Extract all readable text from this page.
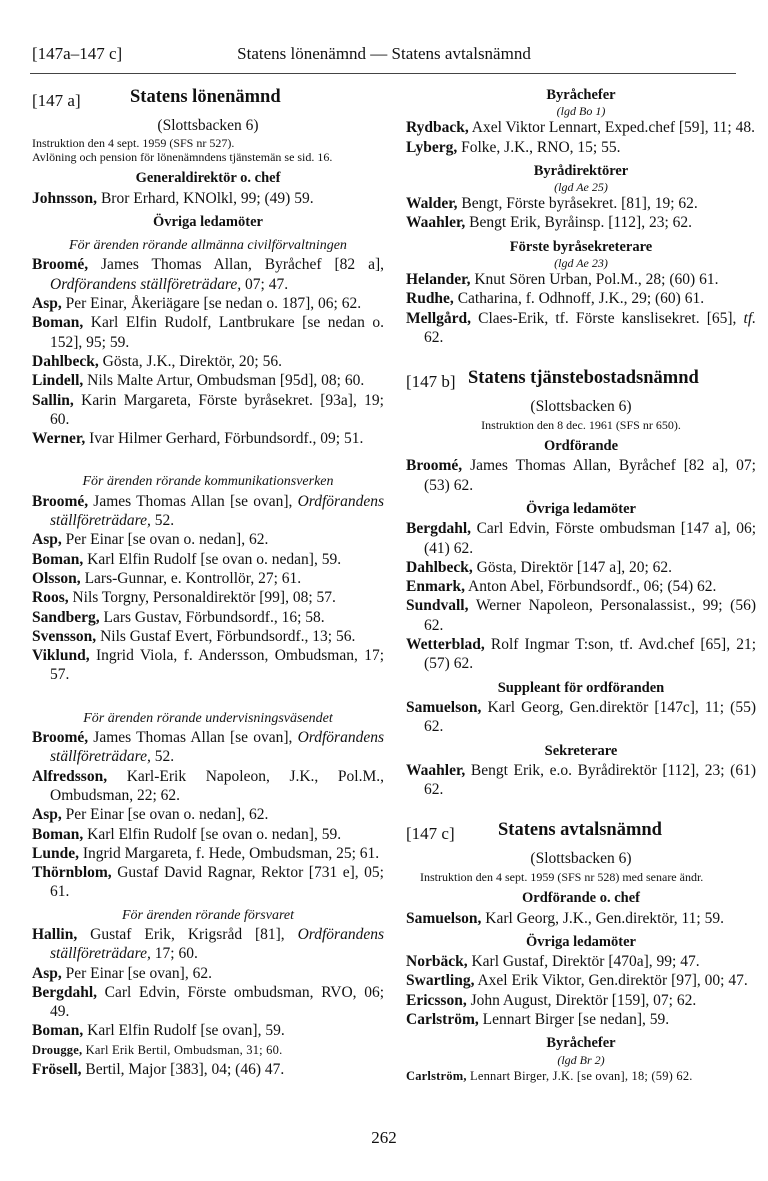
[147a–147 c]	Statens lönenämnd — Statens avtalsnämnd
[147 a]	Statens lönenämnd
(Slottsbacken 6)
Instruktion den 4 sept. 1959 (SFS nr 527).
Avlöning och pension för lönenämndens tjänstemän se sid. 16.
Generaldirektör o. chef

Johnsson, Bror Erhard, KNOlkl, 99; (49) 59.

Övriga ledamöter
För ärenden rörande allmänna civilförvaltningen

Broomé, James Thomas Allan, Byråchef [82 a], Ordförandens ställföreträdare, 07; 47.

Asp, Per Einar, Åkeriägare [se nedan o. 187], 06; 62.

Boman, Karl Elfin Rudolf, Lantbrukare [se nedan o. 152], 95; 59.

Dahlbeck, Gösta, J.K., Direktör, 20; 56.

Lindell, Nils Malte Artur, Ombudsman [95d], 08; 60.

Sallin, Karin Margareta, Förste byråsekret. [93a], 19; 60.

Werner, Ivar Hilmer Gerhard, Förbundsordf., 09; 51.

För ärenden rörande kommunikationsverken

Broomé, James Thomas Allan [se ovan], Ordförandens ställföreträdare, 52.

Asp, Per Einar [se ovan o. nedan], 62.

Boman, Karl Elfin Rudolf [se ovan o. nedan], 59.

Olsson, Lars-Gunnar, e. Kontrollör, 27; 61.

Roos, Nils Torgny, Personaldirektör [99], 08; 57.

Sandberg, Lars Gustav, Förbundsordf., 16; 58.

Svensson, Nils Gustaf Evert, Förbundsordf., 13; 56.

Viklund, Ingrid Viola, f. Andersson, Ombudsman, 17; 57.

För ärenden rörande undervisningsväsendet

Broomé, James Thomas Allan [se ovan], Ordförandens ställföreträdare, 52.

Alfredsson, Karl-Erik Napoleon, J.K., Pol.M., Ombudsman, 22; 62.

Asp, Per Einar [se ovan o. nedan], 62.

Boman, Karl Elfin Rudolf [se ovan o. nedan], 59.

Lunde, Ingrid Margareta, f. Hede, Ombudsman, 25; 61.

Thörnblom, Gustaf David Ragnar, Rektor [731 e], 05; 61.

För ärenden rörande försvaret

Hallin, Gustaf Erik, Krigsråd [81], Ordförandens ställföreträdare, 17; 60.

Asp, Per Einar [se ovan], 62.

Bergdahl, Carl Edvin, Förste ombudsman, RVO, 06; 49.

Boman, Karl Elfin Rudolf [se ovan], 59.

Drougge, Karl Erik Bertil, Ombudsman, 31; 60.

Frösell, Bertil, Major [383], 04; (46) 47.

Byråchefer
(lgd Bo 1)

Rydback, Axel Viktor Lennart, Exped.chef [59], 11; 48.

Lyberg, Folke, J.K., RNO, 15; 55.

Byrådirektörer
(lgd Ae 25)

Walder, Bengt, Förste byråsekret. [81], 19; 62.

Waahler, Bengt Erik, Byråinsp. [112], 23; 62.

Förste byråsekreterare
(lgd Ae 23)

Helander, Knut Sören Urban, Pol.M., 28; (60) 61.

Rudhe, Catharina, f. Odhnoff, J.K., 29; (60) 61.

Mellgård, Claes-Erik, tf. Förste kanslisekret. [65], tf. 62.

[147 b] Statens tjänstebostadsnämnd
(Slottsbacken 6)
Instruktion den 8 dec. 1961 (SFS nr 650).
Ordförande

Broomé, James Thomas Allan, Byråchef [82 a], 07; (53) 62.

Övriga ledamöter

Bergdahl, Carl Edvin, Förste ombudsman [147 a], 06; (41) 62.

Dahlbeck, Gösta, Direktör [147 a], 20; 62.

Enmark, Anton Abel, Förbundsordf., 06; (54) 62.

Sundvall, Werner Napoleon, Personalassist., 99; (56) 62.

Wetterblad, Rolf Ingmar T:son, tf. Avd.chef [65], 21; (57) 62.

Suppleant för ordföranden

Samuelson, Karl Georg, Gen.direktör [147c], 11; (55) 62.

Sekreterare

Waahler, Bengt Erik, e.o. Byrådirektör [112], 23; (61) 62.

[147 c] Statens avtalsnämnd
(Slottsbacken 6)
Instruktion den 4 sept. 1959 (SFS nr 528) med senare ändr.
Ordförande o. chef

Samuelson, Karl Georg, J.K., Gen.direktör, 11; 59.

Övriga ledamöter

Norbäck, Karl Gustaf, Direktör [470a], 99; 47.

Swartling, Axel Erik Viktor, Gen.direktör [97], 00; 47.

Ericsson, John August, Direktör [159], 07; 62.

Carlström, Lennart Birger [se nedan], 59.

Byråchefer
(lgd Br 2)

Carlström, Lennart Birger, J.K. [se ovan], 18; (59) 62.

262
